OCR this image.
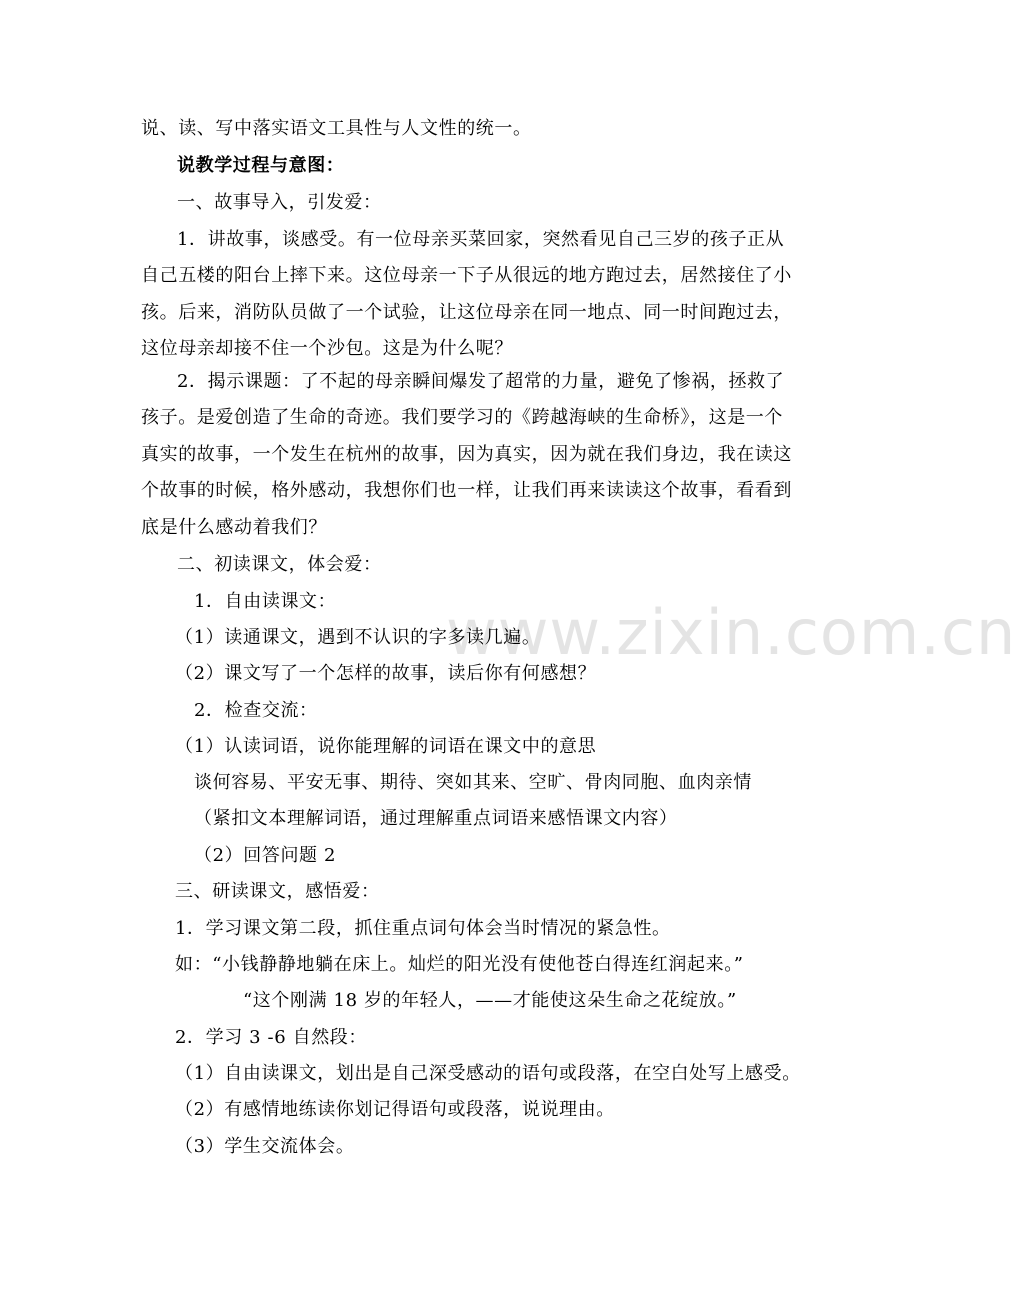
www.zixin.com.cn
说、读、写中落实语文工具性与人文性的统一。
说教学过程与意图：
一、故事导入，引发爱：
1．讲故事，谈感受。有一位母亲买菜回家，突然看见自己三岁的孩子正从
自己五楼的阳台上摔下来。这位母亲一下子从很远的地方跑过去，居然接住了小
孩。后来，消防队员做了一个试验，让这位母亲在同一地点、同一时间跑过去，
这位母亲却接不住一个沙包。这是为什么呢？
2．揭示课题：了不起的母亲瞬间爆发了超常的力量，避免了惨祸，拯救了
孩子。是爱创造了生命的奇迹。我们要学习的《跨越海峡的生命桥》，这是一个
真实的故事，一个发生在杭州的故事，因为真实，因为就在我们身边，我在读这
个故事的时候，格外感动，我想你们也一样，让我们再来读读这个故事，看看到
底是什么感动着我们？
二、初读课文，体会爱：
1．自由读课文：
（1）读通课文，遇到不认识的字多读几遍。
（2）课文写了一个怎样的故事，读后你有何感想？
2．检查交流：
（1）认读词语，说你能理解的词语在课文中的意思
谈何容易、平安无事、期待、突如其来、空旷、骨肉同胞、血肉亲情
（紧扣文本理解词语，通过理解重点词语来感悟课文内容）
（2）回答问题 2
三、研读课文，感悟爱：
1．学习课文第二段，抓住重点词句体会当时情况的紧急性。
如：“小钱静静地躺在床上。灿烂的阳光没有使他苍白得连红润起来。”
“这个刚满 18 岁的年轻人，——才能使这朵生命之花绽放。”
2．学习 3 -6 自然段：
（1）自由读课文，划出是自己深受感动的语句或段落，在空白处写上感受。
（2）有感情地练读你划记得语句或段落，说说理由。
（3）学生交流体会。
